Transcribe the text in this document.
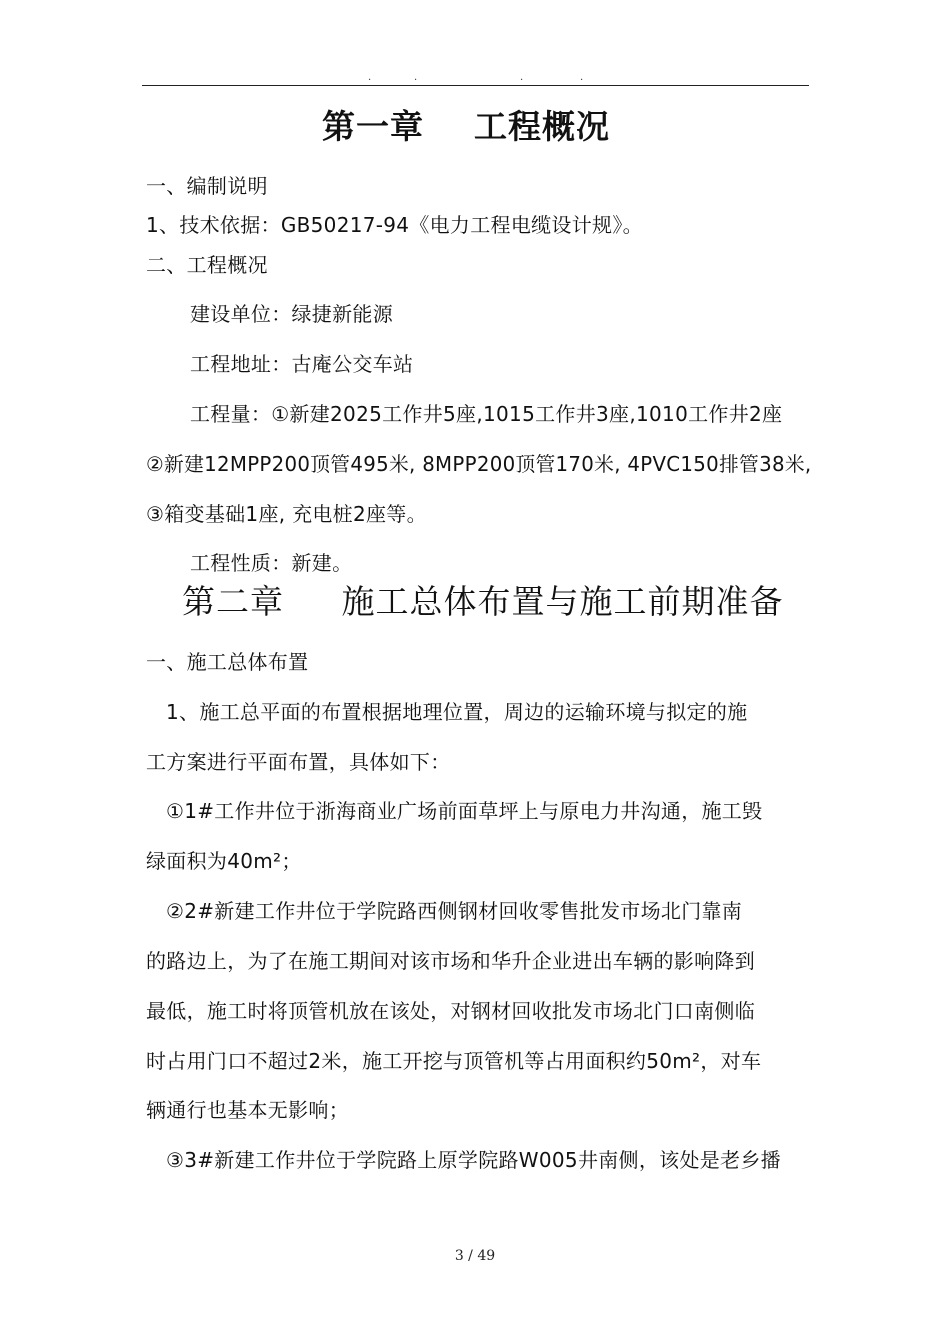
.	.	.	.
第一章    工程概况
一、编制说明
1、技术依据：GB50217-94《电力工程电缆设计规》。
二、工程概况
建设单位：绿捷新能源
工程地址：古庵公交车站
工程量：①新建2025工作井5座,1015工作井3座,1010工作井2座
②新建12MPP200顶管495米, 8MPP200顶管170米, 4PVC150排管38米,
③箱变基础1座, 充电桩2座等。
工程性质：新建。
第二章     施工总体布置与施工前期准备
一、施工总体布置
1、施工总平面的布置根据地理位置，周边的运输环境与拟定的施
工方案进行平面布置，具体如下：
①1#工作井位于浙海商业广场前面草坪上与原电力井沟通，施工毁
绿面积为40m²；
②2#新建工作井位于学院路西侧钢材回收零售批发市场北门靠南
的路边上，为了在施工期间对该市场和华升企业进出车辆的影响降到
最低，施工时将顶管机放在该处，对钢材回收批发市场北门口南侧临
时占用门口不超过2米，施工开挖与顶管机等占用面积约50m²，对车
辆通行也基本无影响；
③3#新建工作井位于学院路上原学院路W005井南侧，该处是老乡播
3 / 49
